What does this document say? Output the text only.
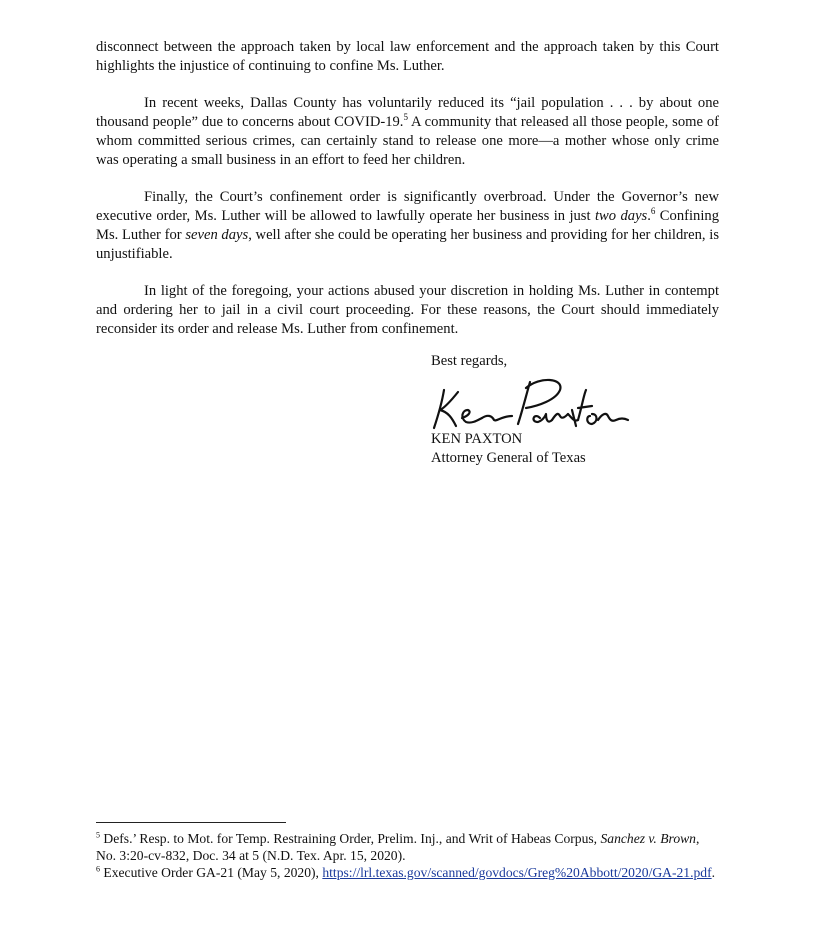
disconnect between the approach taken by local law enforcement and the approach taken by this Court highlights the injustice of continuing to confine Ms. Luther.

In recent weeks, Dallas County has voluntarily reduced its “jail population . . . by about one thousand people” due to concerns about COVID-19.$^5$ A community that released all those people, some of whom committed serious crimes, can certainly stand to release one more—a mother whose only crime was operating a small business in an effort to feed her children.

Finally, the Court’s confinement order is significantly overbroad. Under the Governor’s new executive order, Ms. Luther will be allowed to lawfully operate her business in just two days.$^6$ Confining Ms. Luther for seven days, well after she could be operating her business and providing for her children, is unjustifiable.

In light of the foregoing, your actions abused your discretion in holding Ms. Luther in contempt and ordering her to jail in a civil court proceeding. For these reasons, the Court should immediately reconsider its order and release Ms. Luther from confinement.

Best regards,
KEN PAXTON
Attorney General of Texas

$^5$ Defs.’ Resp. to Mot. for Temp. Restraining Order, Prelim. Inj., and Writ of Habeas Corpus, Sanchez v. Brown, No. 3:20-cv-832, Doc. 34 at 5 (N.D. Tex. Apr. 15, 2020).

$^6$ Executive Order GA-21 (May 5, 2020), https://lrl.texas.gov/scanned/govdocs/Greg%20Abbott/2020/GA-21.pdf.
